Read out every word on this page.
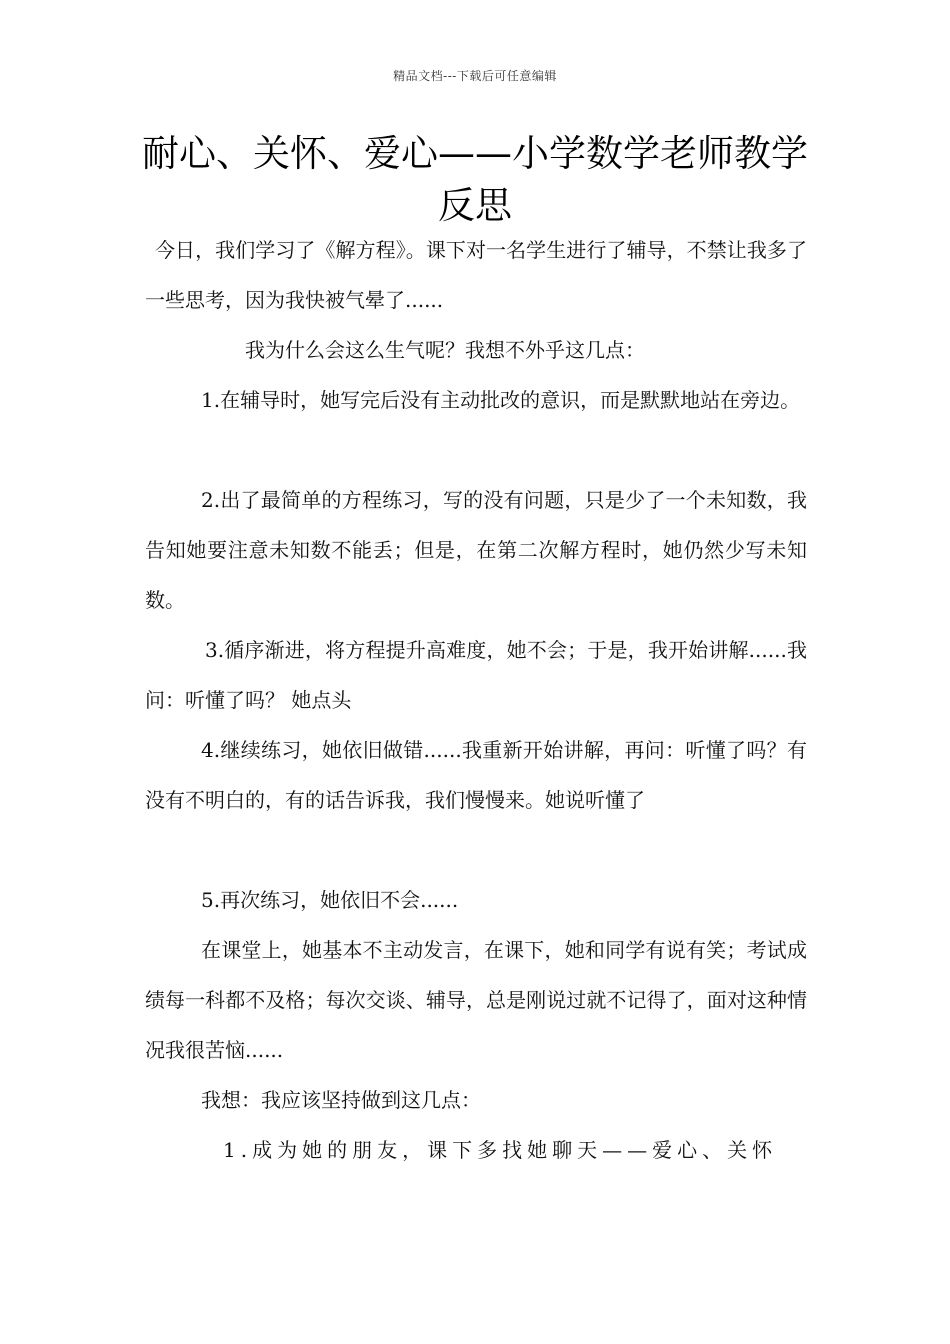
精品文档---下载后可任意编辑
耐心、关怀、爱心——小学数学老师教学反思

今日，我们学习了《解方程》。课下对一名学生进行了辅导，不禁让我多了一些思考，因为我快被气晕了......

我为什么会这么生气呢？我想不外乎这几点：

1.在辅导时，她写完后没有主动批改的意识，而是默默地站在旁边。

2.出了最简单的方程练习，写的没有问题，只是少了一个未知数，我告知她要注意未知数不能丢；但是，在第二次解方程时，她仍然少写未知数。

3.循序渐进，将方程提升高难度，她不会；于是，我开始讲解......我问：听懂了吗？ 她点头

4.继续练习，她依旧做错......我重新开始讲解，再问：听懂了吗？有没有不明白的，有的话告诉我，我们慢慢来。她说听懂了

5.再次练习，她依旧不会......

在课堂上，她基本不主动发言，在课下，她和同学有说有笑；考试成绩每一科都不及格；每次交谈、辅导，总是刚说过就不记得了，面对这种情况我很苦恼......

我想：我应该坚持做到这几点：

1.成为她的朋友，课下多找她聊天——爱心、关怀
